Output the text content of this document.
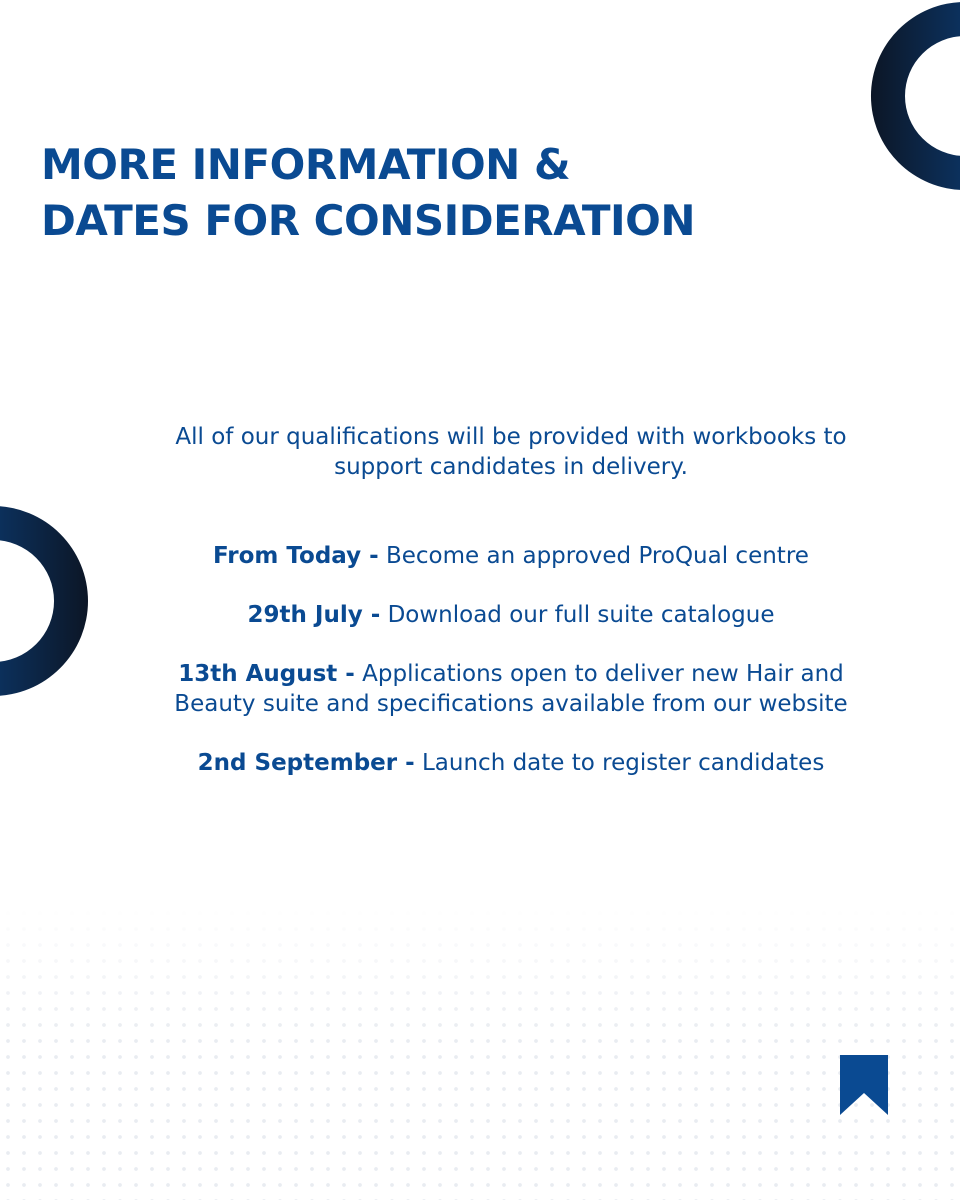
MORE INFORMATION &
DATES FOR CONSIDERATION

All of our qualifications will be provided with workbooks to
support candidates in delivery.

From Today - Become an approved ProQual centre

29th July - Download our full suite catalogue

13th August - Applications open to deliver new Hair and
Beauty suite and specifications available from our website

2nd September - Launch date to register candidates
